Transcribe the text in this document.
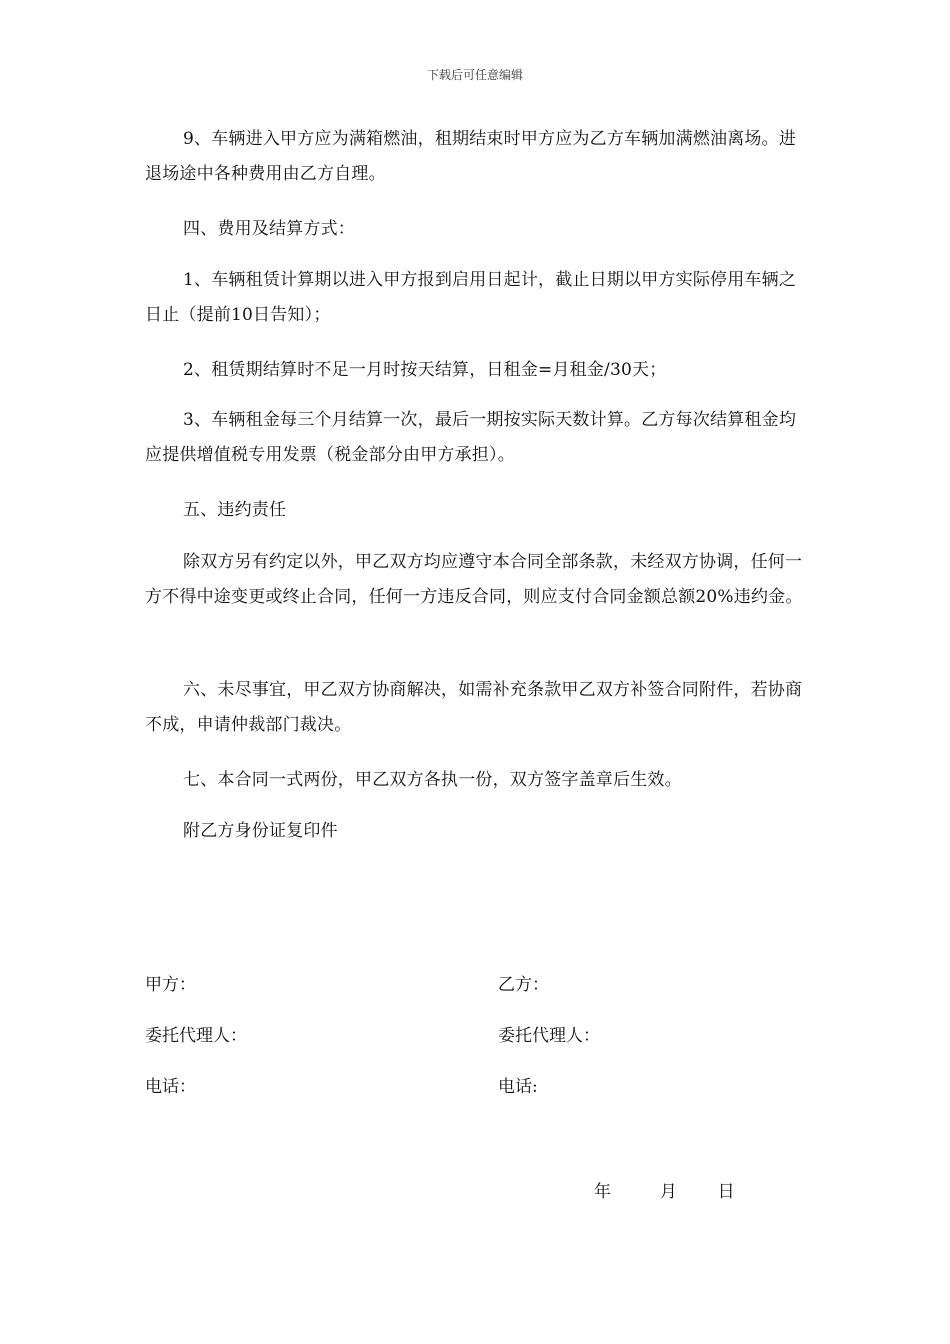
下载后可任意编辑
9、车辆进入甲方应为满箱燃油，租期结束时甲方应为乙方车辆加满燃油离场。进退场途中各种费用由乙方自理。
四、费用及结算方式：
1、车辆租赁计算期以进入甲方报到启用日起计，截止日期以甲方实际停用车辆之日止（提前10日告知）；
2、租赁期结算时不足一月时按天结算，日租金=月租金/30天；
3、车辆租金每三个月结算一次，最后一期按实际天数计算。乙方每次结算租金均应提供增值税专用发票（税金部分由甲方承担）。
五、违约责任
除双方另有约定以外，甲乙双方均应遵守本合同全部条款，未经双方协调，任何一方不得中途变更或终止合同，任何一方违反合同，则应支付合同金额总额20%违约金。
六、未尽事宜，甲乙双方协商解决，如需补充条款甲乙双方补签合同附件，若协商不成，申请仲裁部门裁决。
七、本合同一式两份，甲乙双方各执一份，双方签字盖章后生效。
附乙方身份证复印件
甲方：	乙方：
委托代理人：	委托代理人：
电话：	电话:
年	月 日
